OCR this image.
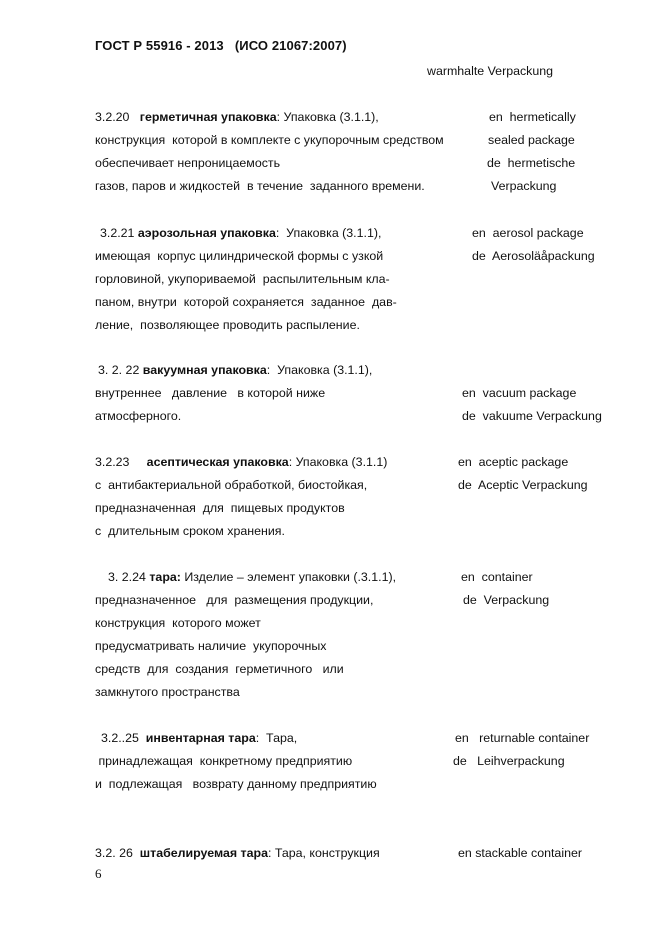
ГОСТ Р 55916 - 2013   (ИСО 21067:2007)
warmhalte Verpackung
3.2.20 герметичная упаковка: Упаковка (3.1.1),
конструкция  которой в комплекте с укупорочным средством
обеспечивает непроницаемость
газов, паров и жидкостей  в течение  заданного времени.
en  hermetically
sealed package
de  hermetische
Verpackung
3.2.21 аэрозольная упаковка:  Упаковка (3.1.1),
имеющая  корпус цилиндрической формы с узкой
горловиной, укупориваемой  распылительным кла-
паном, внутри  которой сохраняется  заданное  дав-
ление,  позволяющее проводить распыление.
en  aerosol package
de  Aerosoläåpackung
3. 2. 22 вакуумная упаковка:  Упаковка (3.1.1),
внутреннее   давление   в которой ниже
атмосферного.
en  vacuum package
de  vakuume Verpackung
3.2.23 асептическая упаковка: Упаковка (3.1.1)
с  антибактериальной обработкой, биостойкая,
предназначенная  для  пищевых продуктов
с  длительным сроком хранения.
en  aceptic package
de  Aceptic Verpackung
3. 2.24 тара: Изделие – элемент упаковки (.3.1.1),
предназначенное   для  размещения продукции,
конструкция  которого может
предусматривать наличие  укупорочных
средств  для  создания  герметичного   или
замкнутого пространства
en  container
de  Verpackung
3.2..25 инвентарная тара:  Тара,
принадлежащая  конкретному предприятию
и  подлежащая   возврату данному предприятию
en   returnable container
de   Leihverpackung
3.2. 26 штабелируемая тара: Тара, конструкция	en stackable container
6
